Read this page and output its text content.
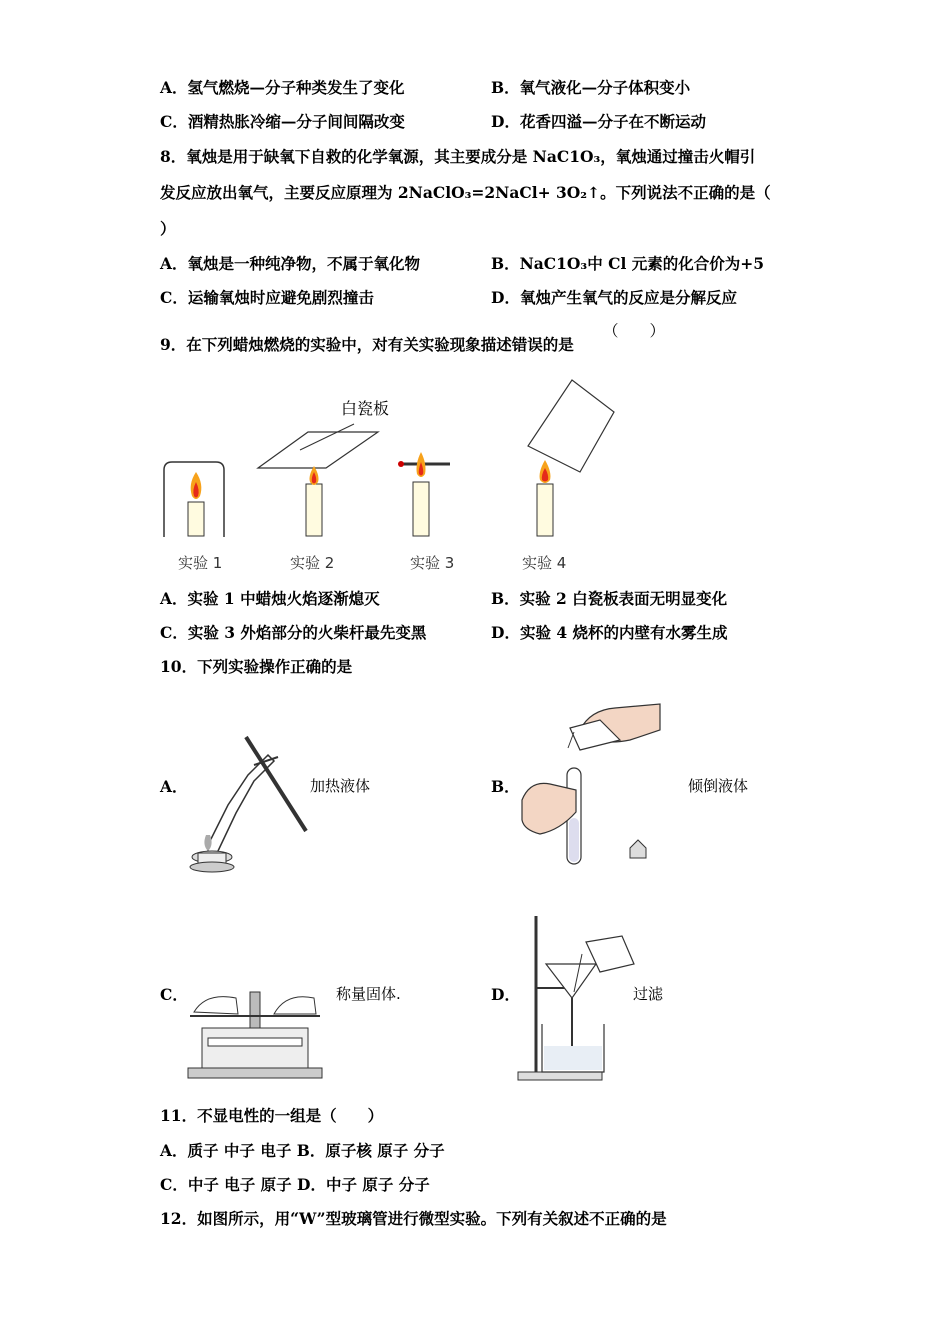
A．氢气燃烧—分子种类发生了变化	B．氧气液化—分子体积变小
C．酒精热胀冷缩—分子间间隔改变	D．花香四溢—分子在不断运动
8．氧烛是用于缺氧下自救的化学氧源，其主要成分是 NaC1O₃，氧烛通过撞击火帽引
发反应放出氧气，主要反应原理为 2NaClO₃=2NaCl+ 3O₂↑。下列说法不正确的是（
）
A．氧烛是一种纯净物，不属于氧化物	B．NaC1O₃中 Cl 元素的化合价为+5
C．运输氧烛时应避免剧烈撞击	D．氧烛产生氧气的反应是分解反应
9．在下列蜡烛燃烧的实验中，对有关实验现象描述错误的是
（　　）
白瓷板
实验 1	实验 2	实验 3	实验 4
A．实验 1 中蜡烛火焰逐渐熄灭	B．实验 2 白瓷板表面无明显变化
C．实验 3 外焰部分的火柴杆最先变黑	D．实验 4 烧杯的内壁有水雾生成
10．下列实验操作正确的是
A．	加热液体	B．	倾倒液体
C．	称量固体.	D．	过滤
11．不显电性的一组是（　　）
A．质子 中子 电子 B．原子核 原子 分子
C．中子 电子 原子 D．中子 原子 分子
12．如图所示，用“W”型玻璃管进行微型实验。下列有关叙述不正确的是
